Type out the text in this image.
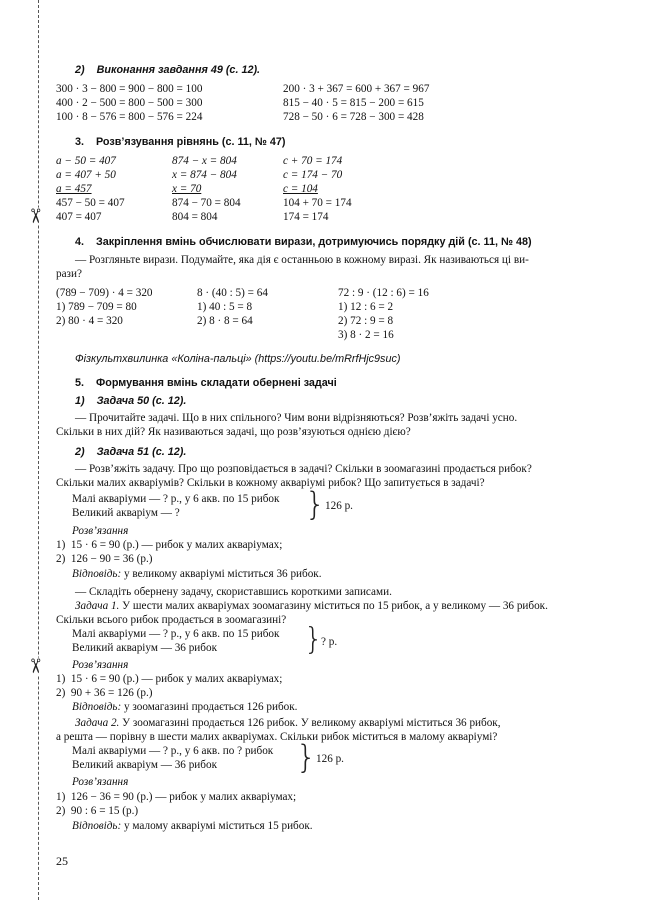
✂
✂
2)    Виконання завдання 49 (с. 12).
300 · 3 − 800 = 900 − 800 = 100
400 · 2 − 500 = 800 − 500 = 300
100 · 8 − 576 = 800 − 576 = 224
200 · 3 + 367 = 600 + 367 = 967
815 − 40 · 5 = 815 − 200 = 615
728 − 50 · 6 = 728 − 300 = 428
3.    Розв’язування рівнянь (с. 11, № 47)
a − 50 = 407
a = 407 + 50
a = 457
457 − 50 = 407
407 = 407
874 − x = 804
x = 874 − 804
x = 70
874 − 70 = 804
804 = 804
c + 70 = 174
c = 174 − 70
c = 104
104 + 70 = 174
174 = 174
4.    Закріплення вмінь обчислювати вирази, дотримуючись порядку дій (с. 11, № 48)
— Розгляньте вирази. Подумайте, яка дія є останньою в кожному виразі. Як називаються ці ви-
рази?
(789 − 709) · 4 = 320
1) 789 − 709 = 80
2) 80 · 4 = 320
8 · (40 : 5) = 64
1) 40 : 5 = 8
2) 8 · 8 = 64
72 : 9 · (12 : 6) = 16
1) 12 : 6 = 2
2) 72 : 9 = 8
3) 8 · 2 = 16
Фізкультхвилинка «Коліна-пальці» (https://youtu.be/mRrfHjc9suc)
5.    Формування вмінь складати обернені задачі
1)    Задача 50 (с. 12).
— Прочитайте задачі. Що в них спільного? Чим вони відрізняються? Розв’яжіть задачі усно.
Скільки в них дій? Як називаються задачі, що розв’язуються однією дією?
2)    Задача 51 (с. 12).
— Розв’яжіть задачу. Про що розповідається в задачі? Скільки в зоомагазині продається рибок?
Скільки малих акваріумів? Скільки в кожному акваріумі рибок? Що запитується в задачі?
Малі акваріуми — ? р., у 6 акв. по 15 рибок
Великий акваріум — ?	} 126 р.
Розв’язання
1)  15 · 6 = 90 (р.) — рибок у малих акваріумах;
2)  126 − 90 = 36 (р.)
Відповідь: у великому акваріумі міститься 36 рибок.
— Складіть обернену задачу, скориставшись короткими записами.
Задача 1. У шести малих акваріумах зоомагазину міститься по 15 рибок, а у великому — 36 рибок.
Скільки всього рибок продається в зоомагазині?
Малі акваріуми — ? р., у 6 акв. по 15 рибок
Великий акваріум — 36 рибок	}
? р.
Розв’язання
1)  15 · 6 = 90 (р.) — рибок у малих акваріумах;
2)  90 + 36 = 126 (р.)
Відповідь: у зоомагазині продається 126 рибок.
Задача 2. У зоомагазині продається 126 рибок. У великому акваріумі міститься 36 рибок,
а решта — порівну в шести малих акваріумах. Скільки рибок міститься в малому акваріумі?
Малі акваріуми — ? р., у 6 акв. по ? рибок
Великий акваріум — 36 рибок } 126 р.
Розв’язання
1)  126 − 36 = 90 (р.) — рибок у малих акваріумах;
2)  90 : 6 = 15 (р.)
Відповідь: у малому акваріумі міститься 15 рибок.
25
